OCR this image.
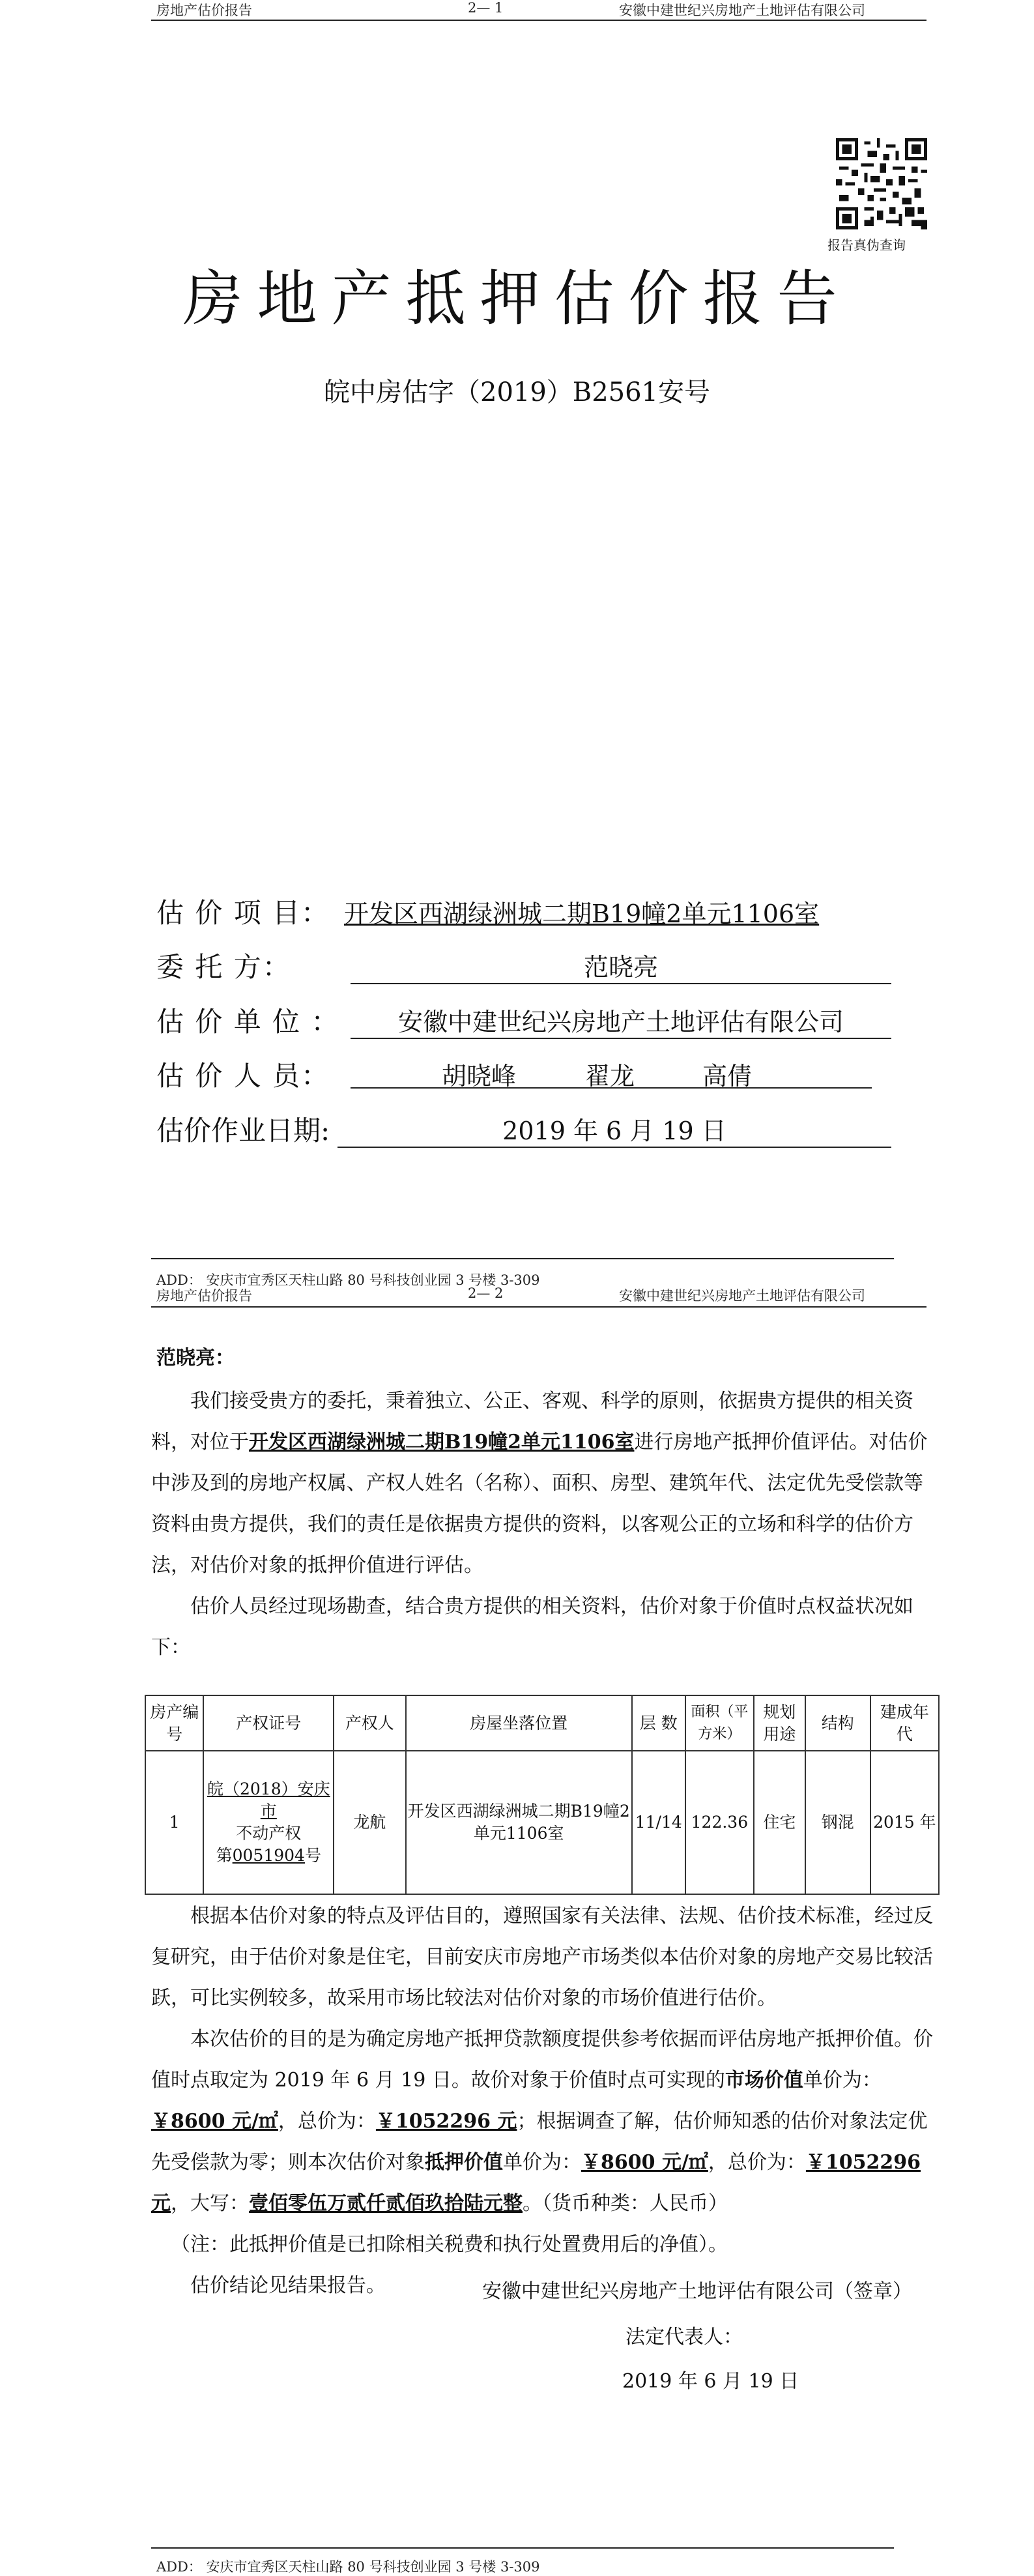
房地产估价报告	2— 1	安徽中建世纪兴房地产土地评估有限公司
报告真伪查询
房地产抵押估价报告
皖中房估字（2019）B2561安号
估 价 项 目： 开发区西湖绿洲城二期B19幢2单元1106室
委 托 方：	范晓亮
估 价 单 位 ：	安徽中建世纪兴房地产土地评估有限公司
估 价 人 员：	胡晓峰	翟龙	高倩
估价作业日期:	2019 年 6 月 19 日
ADD： 安庆市宜秀区天柱山路 80 号科技创业园 3 号楼 3-309
房地产估价报告	2— 2	安徽中建世纪兴房地产土地评估有限公司
范晓亮：

我们接受贵方的委托，秉着独立、公正、客观、科学的原则，依据贵方提供的相关资料，对位于开发区西湖绿洲城二期B19幢2单元1106室进行房地产抵押价值评估。对估价中涉及到的房地产权属、产权人姓名（名称）、面积、房型、建筑年代、法定优先受偿款等资料由贵方提供，我们的责任是依据贵方提供的资料，以客观公正的立场和科学的估价方法，对估价对象的抵押价值进行评估。

估价人员经过现场勘查，结合贵方提供的相关资料，估价对象于价值时点权益状况如下：

房产编号	产权证号	产权人	房屋坐落位置	层 数	面积（平方米）	规划用途	结构	建成年代
1	皖（2018）安庆市
不动产权
第0051904号	龙航	开发区西湖绿洲城二期B19幢2单元1106室	11/14	122.36	住宅	钢混	2015 年

根据本估价对象的特点及评估目的，遵照国家有关法律、法规、估价技术标准，经过反复研究，由于估价对象是住宅，目前安庆市房地产市场类似本估价对象的房地产交易比较活跃，可比实例较多，故采用市场比较法对估价对象的市场价值进行估价。

本次估价的目的是为确定房地产抵押贷款额度提供参考依据而评估房地产抵押价值。价值时点取定为 2019 年 6 月 19 日。故价对象于价值时点可实现的市场价值单价为：￥8600 元/㎡，总价为：￥1052296 元；根据调查了解，估价师知悉的估价对象法定优先受偿款为零；则本次估价对象抵押价值单价为：￥8600 元/㎡，总价为：￥1052296 元，大写：壹佰零伍万贰仟贰佰玖拾陆元整。（货币种类：人民币）

（注：此抵押价值是已扣除相关税费和执行处置费用后的净值）。

估价结论见结果报告。	安徽中建世纪兴房地产土地评估有限公司（签章）
法定代表人：
2019 年 6 月 19 日
ADD： 安庆市宜秀区天柱山路 80 号科技创业园 3 号楼 3-309
